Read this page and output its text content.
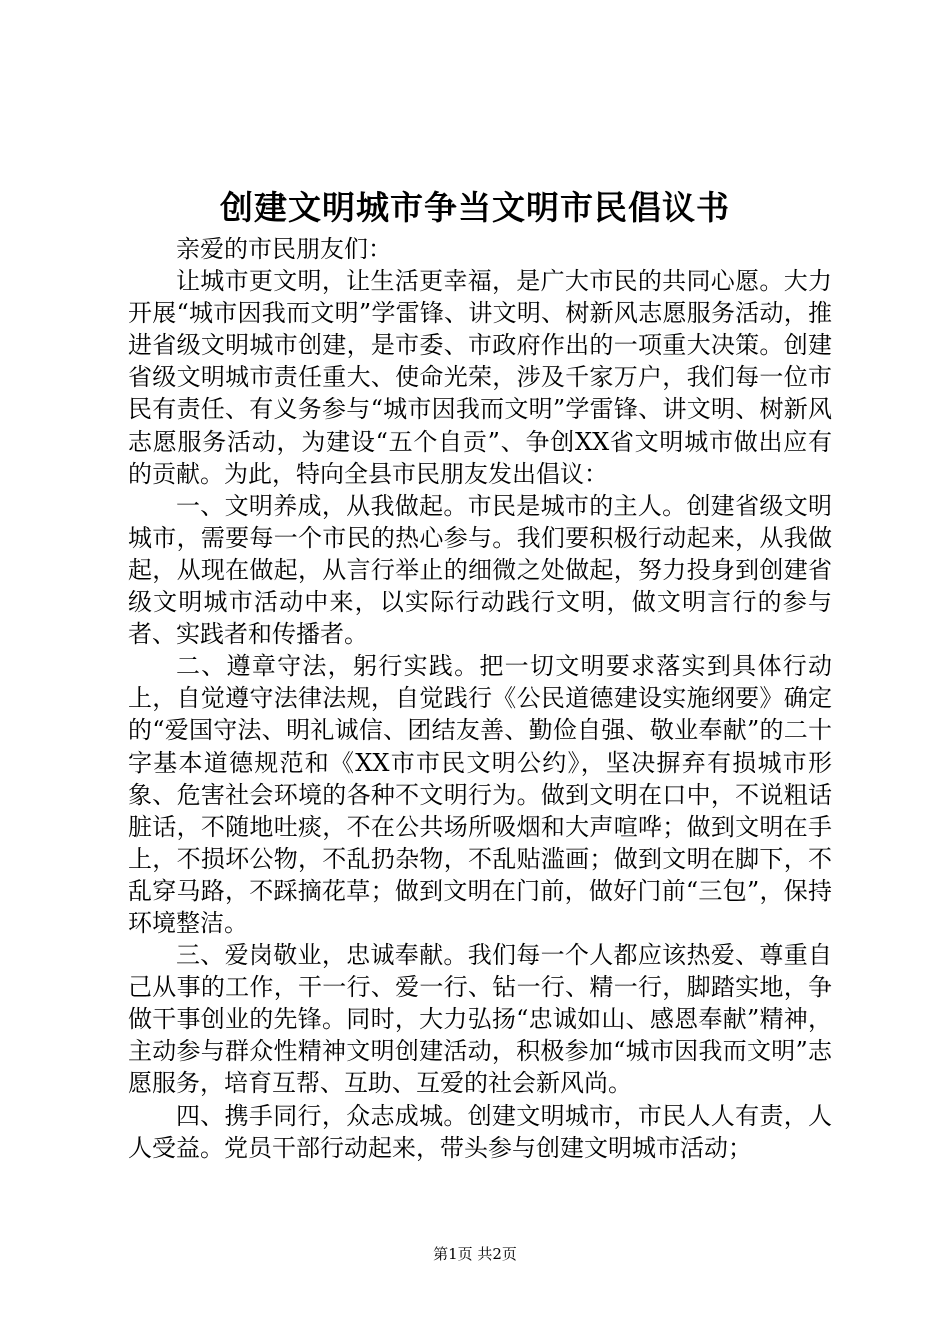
创建文明城市争当文明市民倡议书

亲爱的市民朋友们：

让城市更文明，让生活更幸福，是广大市民的共同心愿。大力开展“城市因我而文明”学雷锋、讲文明、树新风志愿服务活动，推进省级文明城市创建，是市委、市政府作出的一项重大决策。创建省级文明城市责任重大、使命光荣，涉及千家万户，我们每一位市民有责任、有义务参与“城市因我而文明”学雷锋、讲文明、树新风志愿服务活动，为建设“五个自贡”、争创XX省文明城市做出应有的贡献。为此，特向全县市民朋友发出倡议：

一、文明养成，从我做起。市民是城市的主人。创建省级文明城市，需要每一个市民的热心参与。我们要积极行动起来，从我做起，从现在做起，从言行举止的细微之处做起，努力投身到创建省级文明城市活动中来，以实际行动践行文明，做文明言行的参与者、实践者和传播者。

二、遵章守法，躬行实践。把一切文明要求落实到具体行动上，自觉遵守法律法规，自觉践行《公民道德建设实施纲要》确定的“爱国守法、明礼诚信、团结友善、勤俭自强、敬业奉献”的二十字基本道德规范和《XX市市民文明公约》，坚决摒弃有损城市形象、危害社会环境的各种不文明行为。做到文明在口中，不说粗话脏话，不随地吐痰，不在公共场所吸烟和大声喧哗；做到文明在手上，不损坏公物，不乱扔杂物，不乱贴滥画；做到文明在脚下，不乱穿马路，不踩摘花草；做到文明在门前，做好门前“三包”，保持环境整洁。

三、爱岗敬业，忠诚奉献。我们每一个人都应该热爱、尊重自己从事的工作，干一行、爱一行、钻一行、精一行，脚踏实地，争做干事创业的先锋。同时，大力弘扬“忠诚如山、感恩奉献”精神，主动参与群众性精神文明创建活动，积极参加“城市因我而文明”志愿服务，培育互帮、互助、互爱的社会新风尚。

四、携手同行，众志成城。创建文明城市，市民人人有责，人人受益。党员干部行动起来，带头参与创建文明城市活动；

第1页 共2页
